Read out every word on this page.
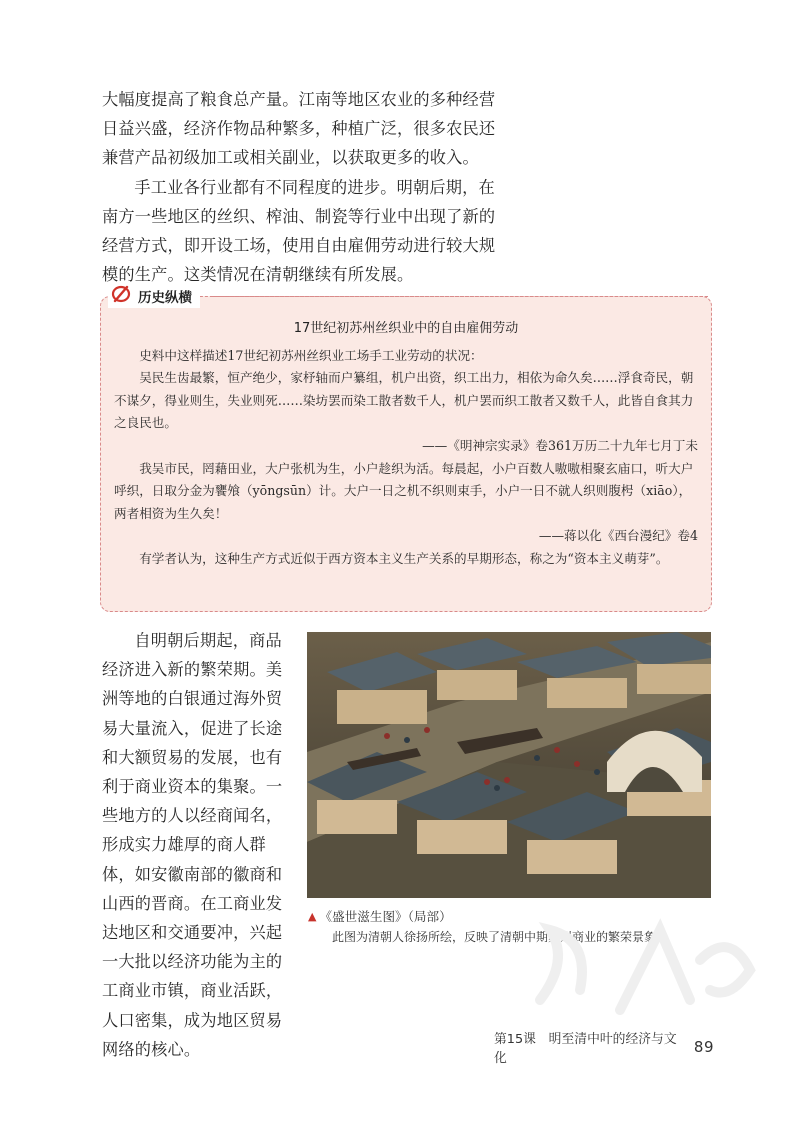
大幅度提高了粮食总产量。江南等地区农业的多种经营日益兴盛，经济作物品种繁多，种植广泛，很多农民还兼营产品初级加工或相关副业，以获取更多的收入。

手工业各行业都有不同程度的进步。明朝后期，在南方一些地区的丝织、榨油、制瓷等行业中出现了新的经营方式，即开设工场，使用自由雇佣劳动进行较大规模的生产。这类情况在清朝继续有所发展。

历史纵横

17世纪初苏州丝织业中的自由雇佣劳动

史料中这样描述17世纪初苏州丝织业工场手工业劳动的状况：

吴民生齿最繁，恒产绝少，家杼轴而户纂组，机户出资，织工出力，相依为命久矣……浮食奇民，朝不谋夕，得业则生，失业则死……染坊罢而染工散者数千人，机户罢而织工散者又数千人，此皆自食其力之良民也。

——《明神宗实录》卷361万历二十九年七月丁未

我吴市民，罔藉田业，大户张机为生，小户趁织为活。每晨起，小户百数人嗷嗷相聚玄庙口，听大户呼织，日取分金为饔飧（yōngsūn）计。大户一日之机不织则束手，小户一日不就人织则腹枵（xiāo），两者相资为生久矣！

——蒋以化《西台漫纪》卷4

有学者认为，这种生产方式近似于西方资本主义生产关系的早期形态，称之为“资本主义萌芽”。

自明朝后期起，商品经济进入新的繁荣期。美洲等地的白银通过海外贸易大量流入，促进了长途和大额贸易的发展，也有利于商业资本的集聚。一些地方的人以经商闻名，形成实力雄厚的商人群体，如安徽南部的徽商和山西的晋商。在工商业发达地区和交通要冲，兴起一大批以经济功能为主的工商业市镇，商业活跃，人口密集，成为地区贸易网络的核心。
▲ 《盛世滋生图》（局部）
此图为清朝人徐扬所绘，反映了清朝中期苏州商业的繁荣景象。
第15课　明至清中叶的经济与文化
89
